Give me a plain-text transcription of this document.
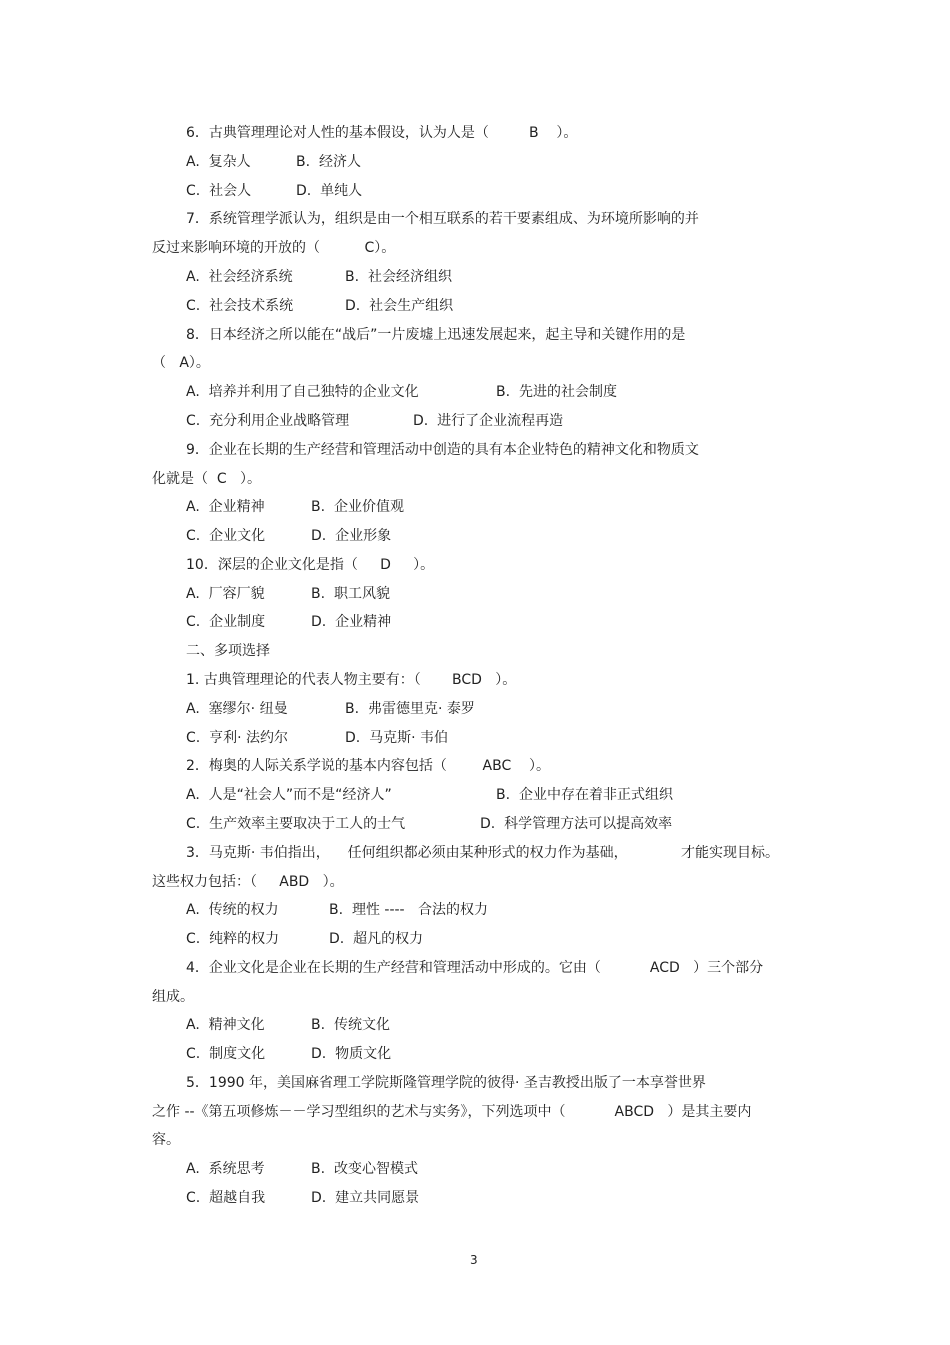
6．古典管理理论对人性的基本假设，认为人是（         B    ）。
A.  复杂人	B.  经济人
C.  社会人	D.  单纯人
7．系统管理学派认为，组织是由一个相互联系的若干要素组成、为环境所影响的并
反过来影响环境的开放的（          C）。
A.  社会经济系统	B.  社会经济组织
C.  社会技术系统	D.  社会生产组织
8．日本经济之所以能在“战后”一片废墟上迅速发展起来，起主导和关键作用的是
（   A）。
A.  培养并利用了自己独特的企业文化	B.  先进的社会制度
C.  充分利用企业战略管理	D.  进行了企业流程再造
9．企业在长期的生产经营和管理活动中创造的具有本企业特色的精神文化和物质文
化就是（  C   ）。
A.  企业精神	B.  企业价值观
C.  企业文化	D.  企业形象
10．深层的企业文化是指（     D     ）。
A.  厂容厂貌	B.  职工风貌
C.  企业制度	D.  企业精神
二、多项选择
1. 古典管理理论的代表人物主要有：（       BCD   ）。
A.  塞缪尔· 纽曼	B.  弗雷德里克· 泰罗
C.  亨利· 法约尔	D.  马克斯· 韦伯
2．梅奥的人际关系学说的基本内容包括（        ABC    ）。
A.  人是“社会人”而不是“经济人”	B.  企业中存在着非正式组织
C.  生产效率主要取决于工人的士气	D.  科学管理方法可以提高效率
3．马克斯· 韦伯指出，    任何组织都必须由某种形式的权力作为基础，            才能实现目标。
这些权力包括：（     ABD   ）。
A.  传统的权力	B.  理性 ----   合法的权力
C.  纯粹的权力	D.  超凡的权力
4．企业文化是企业在长期的生产经营和管理活动中形成的。它由（           ACD   ）三个部分
组成。
A.  精神文化	B.  传统文化
C.  制度文化	D.  物质文化
5．1990 年，美国麻省理工学院斯隆管理学院的彼得· 圣吉教授出版了一本享誉世界
之作 --《第五项修炼－－学习型组织的艺术与实务》，下列选项中（           ABCD   ）是其主要内
容。
A.  系统思考	B.  改变心智模式
C.  超越自我	D.  建立共同愿景
3
